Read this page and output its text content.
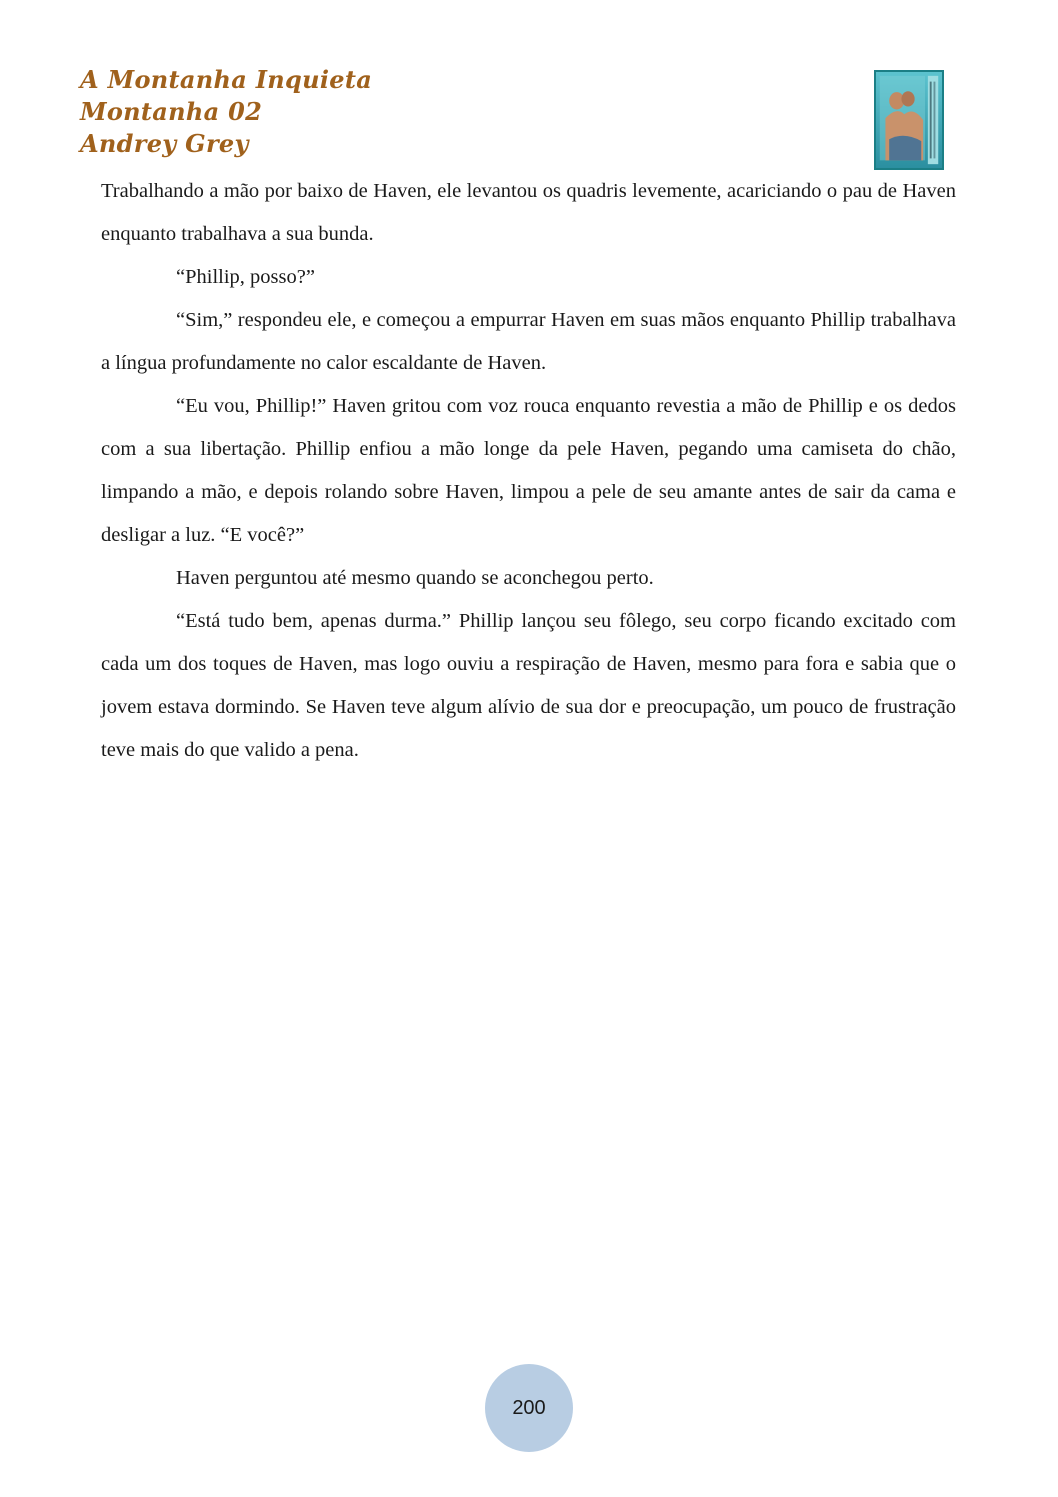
A Montanha Inquieta
Montanha 02
Andrey Grey

Trabalhando a mão por baixo de Haven, ele levantou os quadris levemente, acariciando o pau de Haven enquanto trabalhava a sua bunda.

“Phillip, posso?”

“Sim,” respondeu ele, e começou a empurrar Haven em suas mãos enquanto Phillip trabalhava a língua profundamente no calor escaldante de Haven.

“Eu vou, Phillip!” Haven gritou com voz rouca enquanto revestia a mão de Phillip e os dedos com a sua libertação. Phillip enfiou a mão longe da pele Haven, pegando uma camiseta do chão, limpando a mão, e depois rolando sobre Haven, limpou a pele de seu amante antes de sair da cama e desligar a luz. “E você?”

Haven perguntou até mesmo quando se aconchegou perto.

“Está tudo bem, apenas durma.” Phillip lançou seu fôlego, seu corpo ficando excitado com cada um dos toques de Haven, mas logo ouviu a respiração de Haven, mesmo para fora e sabia que o jovem estava dormindo. Se Haven teve algum alívio de sua dor e preocupação, um pouco de frustração teve mais do que valido a pena.

200
